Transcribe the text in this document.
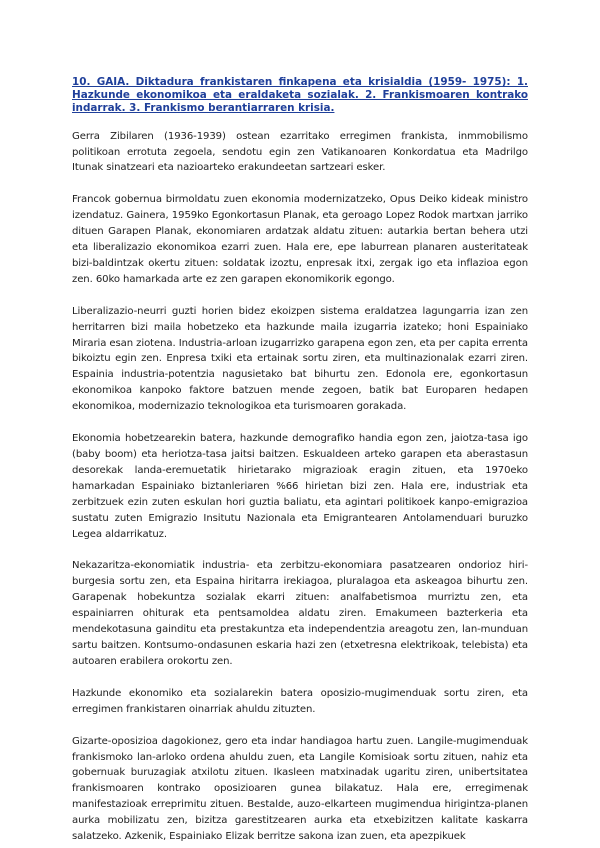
10. GAIA. Diktadura frankistaren finkapena eta krisialdia (1959- 1975): 1. Hazkunde ekonomikoa eta eraldaketa sozialak. 2. Frankismoaren kontrako indarrak. 3. Frankismo berantiarraren krisia.

Gerra Zibilaren (1936-1939) ostean ezarritako erregimen frankista, inmmobilismo politikoan errotuta zegoela, sendotu egin zen Vatikanoaren Konkordatua eta Madrilgo Itunak sinatzeari eta nazioarteko erakundeetan sartzeari esker.

Francok gobernua birmoldatu zuen ekonomia modernizatzeko, Opus Deiko kideak ministro izendatuz. Gainera, 1959ko Egonkortasun Planak, eta geroago Lopez Rodok martxan jarriko dituen Garapen Planak, ekonomiaren ardatzak aldatu zituen: autarkia bertan behera utzi eta liberalizazio ekonomikoa ezarri zuen. Hala ere, epe laburrean planaren austeritateak bizi-baldintzak okertu zituen: soldatak izoztu, enpresak itxi, zergak igo eta inflazioa egon zen. 60ko hamarkada arte ez zen garapen ekonomikorik egongo.

Liberalizazio-neurri guzti horien bidez ekoizpen sistema eraldatzea lagungarria izan zen herritarren bizi maila hobetzeko eta hazkunde maila izugarria izateko; honi Espainiako Miraria esan ziotena. Industria-arloan izugarrizko garapena egon zen, eta per capita errenta bikoiztu egin zen. Enpresa txiki eta ertainak sortu ziren, eta multinazionalak ezarri ziren. Espainia industria-potentzia nagusietako bat bihurtu zen. Edonola ere, egonkortasun ekonomikoa kanpoko faktore batzuen mende zegoen, batik bat Europaren hedapen ekonomikoa, modernizazio teknologikoa eta turismoaren gorakada.

Ekonomia hobetzearekin batera, hazkunde demografiko handia egon zen, jaiotza-tasa igo (baby boom) eta heriotza-tasa jaitsi baitzen. Eskualdeen arteko garapen eta aberastasun desorekak landa-eremuetatik hirietarako migrazioak eragin zituen, eta 1970eko hamarkadan Espainiako biztanleriaren %66 hirietan bizi zen. Hala ere, industriak eta zerbitzuek ezin zuten eskulan hori guztia baliatu, eta agintari politikoek kanpo-emigrazioa sustatu zuten Emigrazio Insitutu Nazionala eta Emigrantearen Antolamenduari buruzko Legea aldarrikatuz.

Nekazaritza-ekonomiatik industria- eta zerbitzu-ekonomiara pasatzearen ondorioz hiri-burgesia sortu zen, eta Espaina hiritarra irekiagoa, pluralagoa eta askeagoa bihurtu zen. Garapenak hobekuntza sozialak ekarri zituen: analfabetismoa murriztu zen, eta espainiarren ohiturak eta pentsamoldea aldatu ziren. Emakumeen bazterkeria eta mendekotasuna gainditu eta prestakuntza eta independentzia areagotu zen, lan-munduan sartu baitzen. Kontsumo-ondasunen eskaria hazi zen (etxetresna elektrikoak, telebista) eta autoaren erabilera orokortu zen.

Hazkunde ekonomiko eta sozialarekin batera oposizio-mugimenduak sortu ziren, eta erregimen frankistaren oinarriak ahuldu zituzten.

Gizarte-oposizioa dagokionez, gero eta indar handiagoa hartu zuen. Langile-mugimenduak frankismoko lan-arloko ordena ahuldu zuen, eta Langile Komisioak sortu zituen, nahiz eta gobernuak buruzagiak atxilotu zituen. Ikasleen matxinadak ugaritu ziren, unibertsitatea frankismoaren kontrako oposizioaren gunea bilakatuz. Hala ere, erregimenak manifestazioak erreprimitu zituen. Bestalde, auzo-elkarteen mugimendua hirigintza-planen aurka mobilizatu zen, bizitza garestitzearen aurka eta etxebizitzen kalitate kaskarra salatzeko. Azkenik, Espainiako Elizak berritze sakona izan zuen, eta apezpikuek
